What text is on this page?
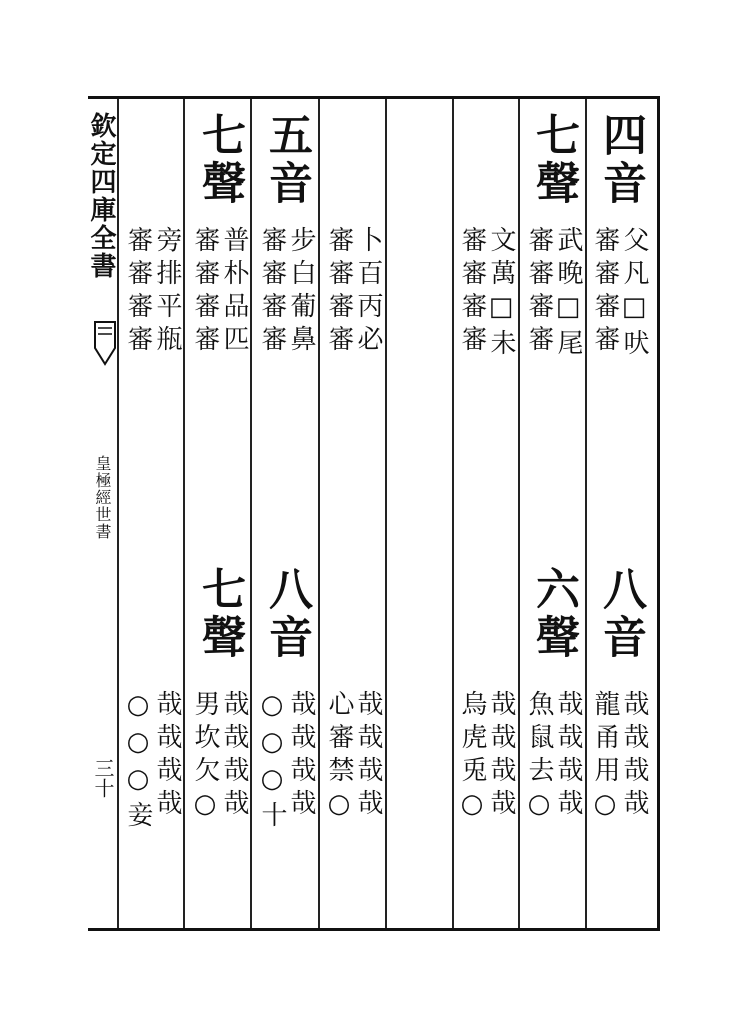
欽定四庫全書
皇極經世書
三十
四音
七聲
五音
七聲
八音
六聲
八音
七聲
父凡□吠
審審審審
武晚□尾
審審審審
文萬□未
審審審審
卜百丙必
審審審審
步白葡鼻
審審審審
普朴品匹
審審審審
旁排平瓶
審審審審
哉哉哉哉
龍甬用○
哉哉哉哉
魚鼠去○
哉哉哉哉
烏虎兎○
哉哉哉哉
心審禁○
哉哉哉哉
○○○十
哉哉哉哉
男坎欠○
哉哉哉哉
○○○妾
